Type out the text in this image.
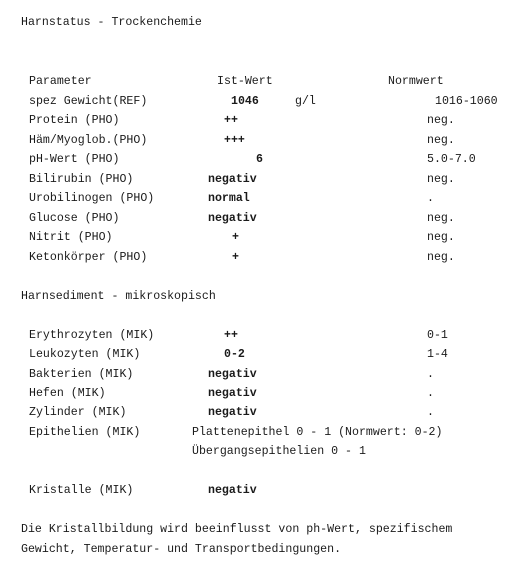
Harnstatus - Trockenchemie
Parameter	Ist-Wert	Normwert
spez Gewicht(REF)	1046	g/l	1016-1060
Protein (PHO)	++	neg.
Häm/Myoglob.(PHO)	+++	neg.
pH-Wert (PHO)	6	5.0-7.0
Bilirubin (PHO)	negativ	neg.
Urobilinogen (PHO)	normal	.
Glucose (PHO)	negativ	neg.
Nitrit (PHO)	+	neg.
Ketonkörper (PHO)	+	neg.
Harnsediment - mikroskopisch
Erythrozyten (MIK)	++	0-1
Leukozyten (MIK)	0-2	1-4
Bakterien (MIK)	negativ	.
Hefen (MIK)	negativ	.
Zylinder (MIK)	negativ	.
Epithelien (MIK)	Plattenepithel 0 - 1 (Normwert: 0-2)
Übergangsepithelien 0 - 1
Kristalle (MIK)	negativ
Die Kristallbildung wird beeinflusst von ph-Wert, spezifischem
Gewicht, Temperatur- und Transportbedingungen.
